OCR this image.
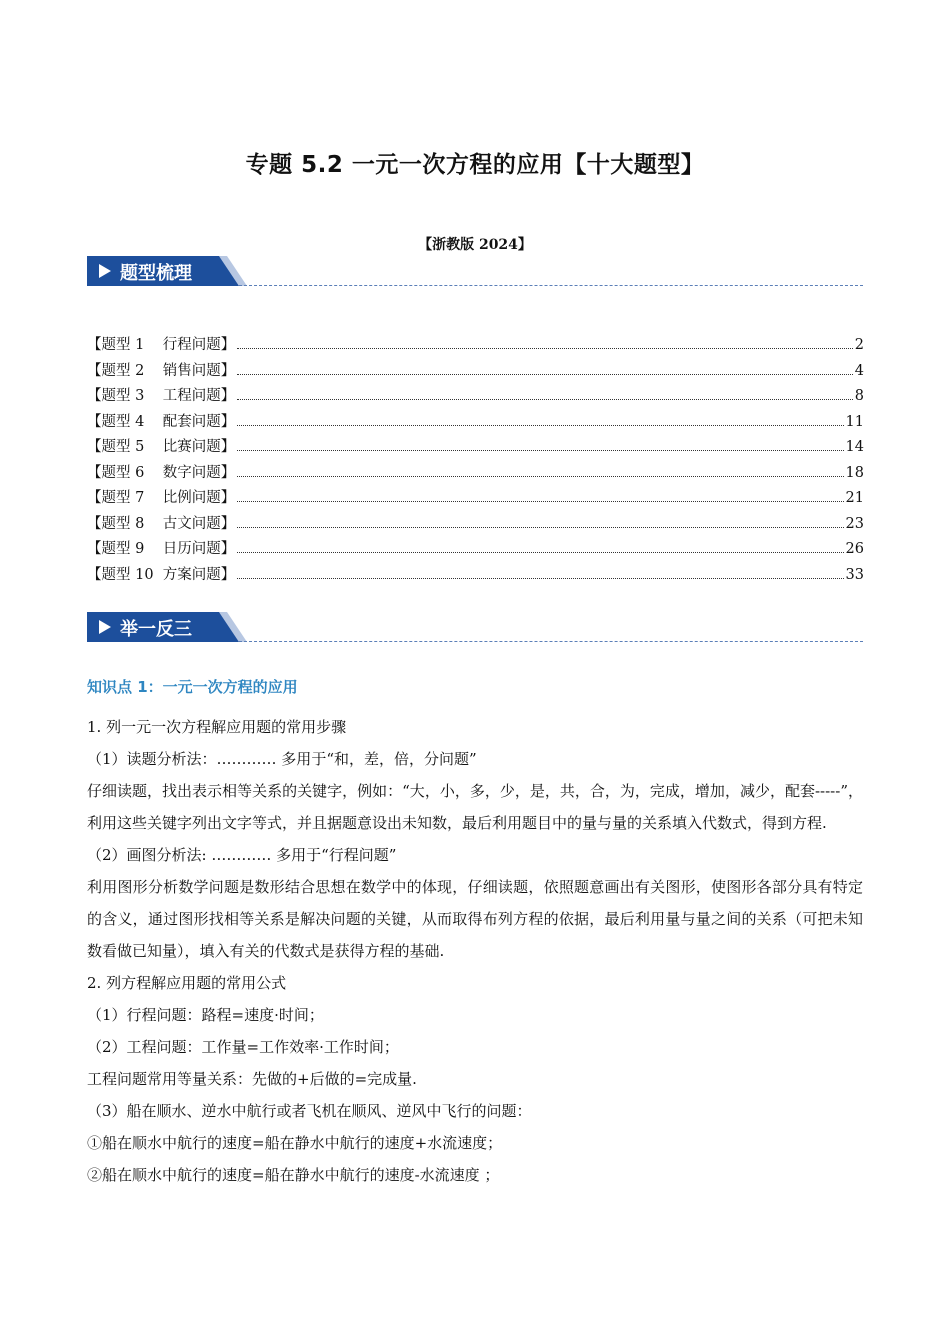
专题 5.2 一元一次方程的应用【十大题型】
【浙教版 2024】
题型梳理
【题型 1    行程问题】	2
【题型 2    销售问题】	4
【题型 3    工程问题】	8
【题型 4    配套问题】	11
【题型 5    比赛问题】	14
【题型 6    数字问题】	18
【题型 7    比例问题】	21
【题型 8    古文问题】	23
【题型 9    日历问题】	26
【题型 10  方案问题】	33
举一反三
知识点 1：一元一次方程的应用

1. 列一元一次方程解应用题的常用步骤

（1）读题分析法：………… 多用于“和，差，倍，分问题”

仔细读题，找出表示相等关系的关键字，例如：“大，小，多，少，是，共，合，为，完成，增加，减少，配套-----”，利用这些关键字列出文字等式，并且据题意设出未知数，最后利用题目中的量与量的关系填入代数式，得到方程.

（2）画图分析法: ………… 多用于“行程问题”

利用图形分析数学问题是数形结合思想在数学中的体现，仔细读题，依照题意画出有关图形，使图形各部分具有特定的含义，通过图形找相等关系是解决问题的关键，从而取得布列方程的依据，最后利用量与量之间的关系（可把未知数看做已知量），填入有关的代数式是获得方程的基础.

2. 列方程解应用题的常用公式

（1）行程问题：路程=速度·时间；

（2）工程问题：工作量=工作效率·工作时间；

工程问题常用等量关系：先做的+后做的=完成量.

（3）船在顺水、逆水中航行或者飞机在顺风、逆风中飞行的问题：

①船在顺水中航行的速度=船在静水中航行的速度+水流速度；

②船在顺水中航行的速度=船在静水中航行的速度-水流速度 ；
